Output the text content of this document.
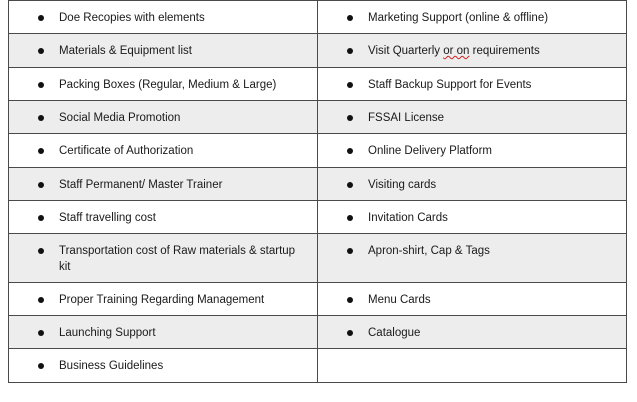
Doe Recopies with elements	Marketing Support (online & offline)

Materials & Equipment list	Visit Quarterly or on requirements

Packing Boxes (Regular, Medium & Large)	Staff Backup Support for Events

Social Media Promotion	FSSAI License

Certificate of Authorization	Online Delivery Platform

Staff Permanent/ Master Trainer	Visiting cards

Staff travelling cost	Invitation Cards

Transportation cost of Raw materials & startup kit	Apron-shirt, Cap & Tags

Proper Training Regarding Management	Menu Cards

Launching Support	Catalogue

Business Guidelines	
